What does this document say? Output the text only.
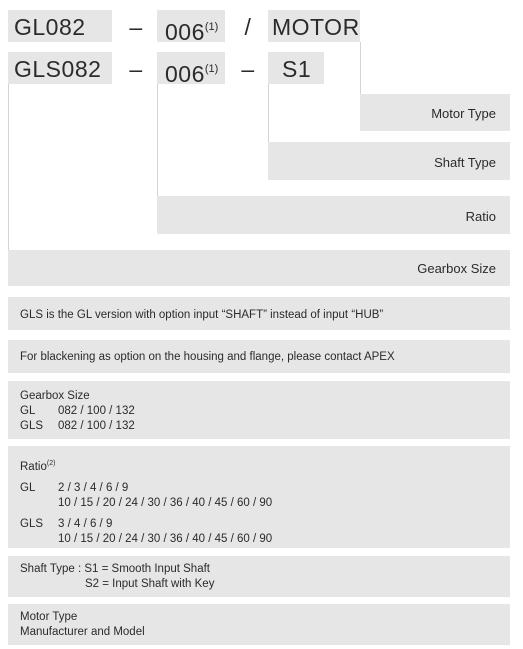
GL082	– 006$^{(1)}$	/ MOTOR
GLS082	– 006$^{(1)}$ –	S1
Motor Type
Shaft Type
Ratio
Gearbox Size
GLS is the GL version with option input “SHAFT” instead of input “HUB”
For blackening as option on the housing and flange, please contact APEX
Gearbox Size
GL 082 / 100 / 132
GLS 082 / 100 / 132
Ratio$^{(2)}$
GL 2 / 3 / 4 / 6 / 9
10 / 15 / 20 / 24 / 30 / 36 / 40 / 45 / 60 / 90
GLS 3 / 4 / 6 / 9
10 / 15 / 20 / 24 / 30 / 36 / 40 / 45 / 60 / 90
Shaft Type : S1 = Smooth Input Shaft
S2 = Input Shaft with Key
Motor Type
Manufacturer and Model
